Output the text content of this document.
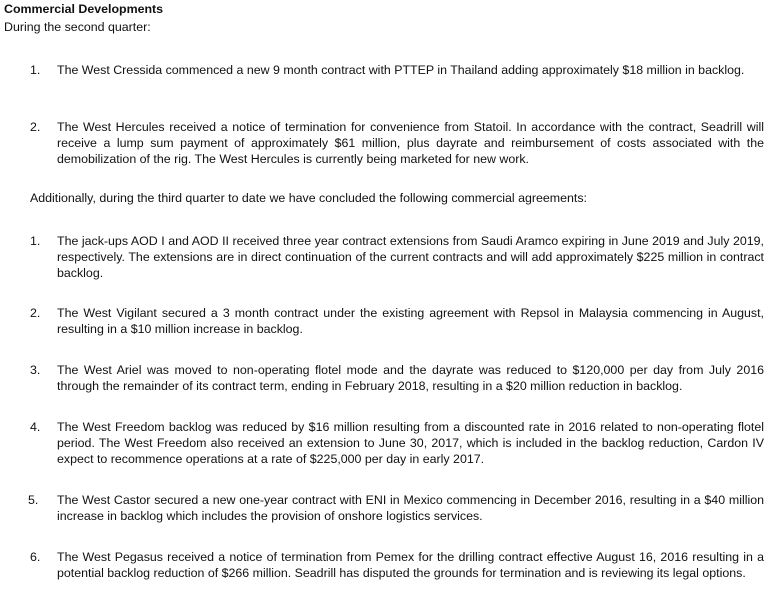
Commercial Developments

During the second quarter:

1.	The West Cressida commenced a new 9 month contract with PTTEP in Thailand adding approximately $18 million in backlog.
2.	The West Hercules received a notice of termination for convenience from Statoil. In accordance with the contract, Seadrill will receive a lump sum payment of approximately $61 million, plus dayrate and reimbursement of costs associated with the demobilization of the rig. The West Hercules is currently being marketed for new work.

Additionally, during the third quarter to date we have concluded the following commercial agreements:

1.	The jack-ups AOD I and AOD II received three year contract extensions from Saudi Aramco expiring in June 2019 and July 2019, respectively. The extensions are in direct continuation of the current contracts and will add approximately $225 million in contract backlog.
2.	The West Vigilant secured a 3 month contract under the existing agreement with Repsol in Malaysia commencing in August, resulting in a $10 million increase in backlog.
3.	The West Ariel was moved to non-operating flotel mode and the dayrate was reduced to $120,000 per day from July 2016 through the remainder of its contract term, ending in February 2018, resulting in a $20 million reduction in backlog.
4.	The West Freedom backlog was reduced by $16 million resulting from a discounted rate in 2016 related to non-operating flotel period. The West Freedom also received an extension to June 30, 2017, which is included in the backlog reduction, Cardon IV expect to recommence operations at a rate of $225,000 per day in early 2017.
5.	The West Castor secured a new one-year contract with ENI in Mexico commencing in December 2016, resulting in a $40 million increase in backlog which includes the provision of onshore logistics services.
6.	The West Pegasus received a notice of termination from Pemex for the drilling contract effective August 16, 2016 resulting in a potential backlog reduction of $266 million. Seadrill has disputed the grounds for termination and is reviewing its legal options.
